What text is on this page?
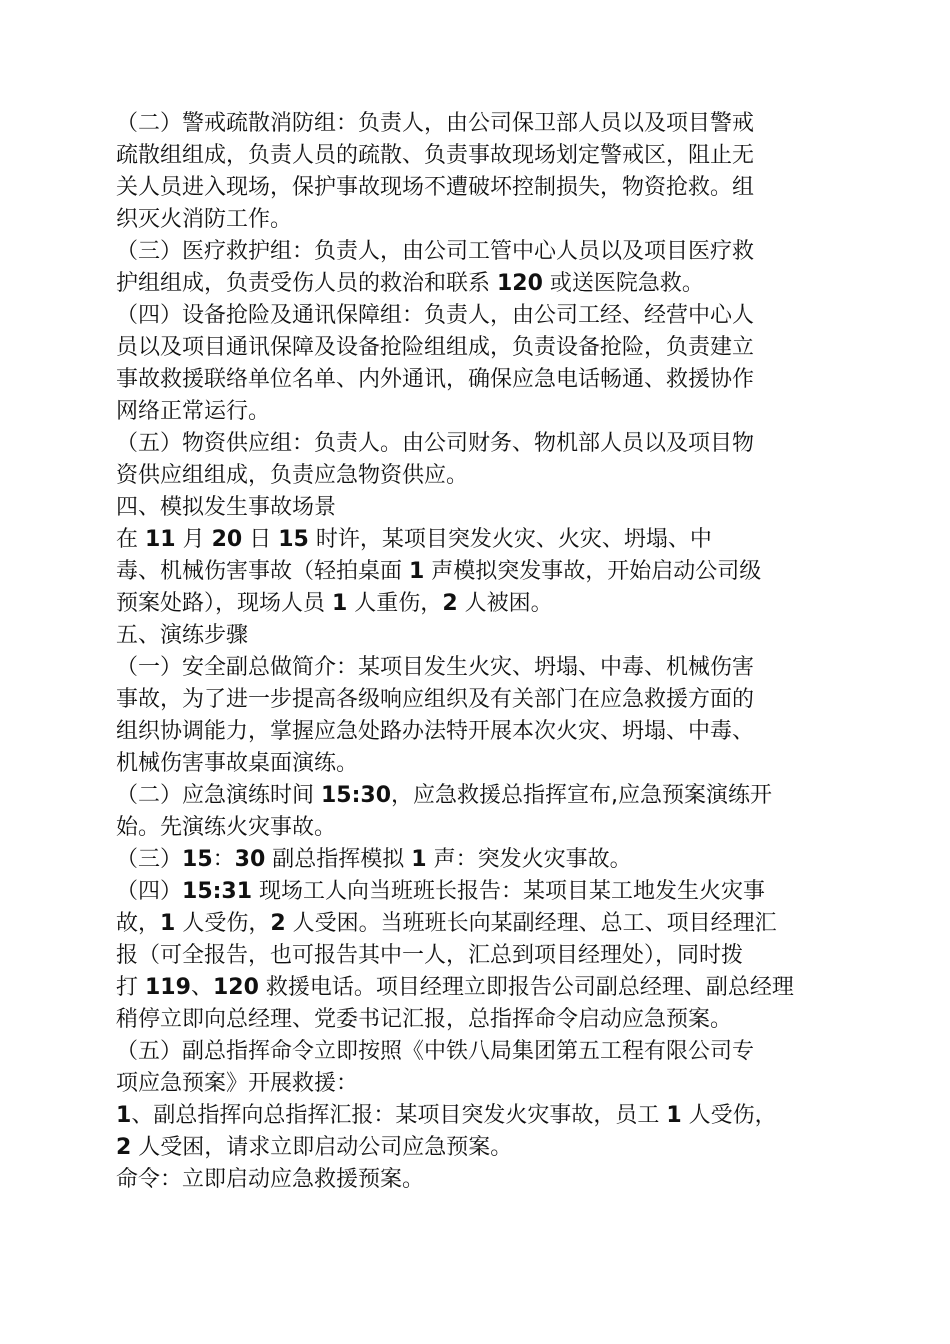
（二）警戒疏散消防组：负责人，由公司保卫部人员以及项目警戒
疏散组组成，负责人员的疏散、负责事故现场划定警戒区，阻止无
关人员进入现场，保护事故现场不遭破坏控制损失，物资抢救。组
织灭火消防工作。
（三）医疗救护组：负责人，由公司工管中心人员以及项目医疗救
护组组成，负责受伤人员的救治和联系 120 或送医院急救。
（四）设备抢险及通讯保障组：负责人，由公司工经、经营中心人
员以及项目通讯保障及设备抢险组组成，负责设备抢险，负责建立
事故救援联络单位名单、内外通讯，确保应急电话畅通、救援协作
网络正常运行。
（五）物资供应组：负责人。由公司财务、物机部人员以及项目物
资供应组组成，负责应急物资供应。
四、模拟发生事故场景
在 11 月 20 日 15 时许，某项目突发火灾、火灾、坍塌、中
毒、机械伤害事故（轻拍桌面 1 声模拟突发事故，开始启动公司级
预案处路），现场人员 1 人重伤，2 人被困。
五、演练步骤
（一）安全副总做简介：某项目发生火灾、坍塌、中毒、机械伤害
事故，为了进一步提高各级响应组织及有关部门在应急救援方面的
组织协调能力，掌握应急处路办法特开展本次火灾、坍塌、中毒、
机械伤害事故桌面演练。
（二）应急演练时间 15:30，应急救援总指挥宣布,应急预案演练开
始。先演练火灾事故。
（三）15：30 副总指挥模拟 1 声：突发火灾事故。
（四）15:31 现场工人向当班班长报告：某项目某工地发生火灾事
故，1 人受伤，2 人受困。当班班长向某副经理、总工、项目经理汇
报（可全报告，也可报告其中一人，汇总到项目经理处），同时拨
打 119、120 救援电话。项目经理立即报告公司副总经理、副总经理
稍停立即向总经理、党委书记汇报，总指挥命令启动应急预案。
（五）副总指挥命令立即按照《中铁八局集团第五工程有限公司专
项应急预案》开展救援：
1、副总指挥向总指挥汇报：某项目突发火灾事故，员工 1 人受伤，
2 人受困，请求立即启动公司应急预案。
命令：立即启动应急救援预案。
